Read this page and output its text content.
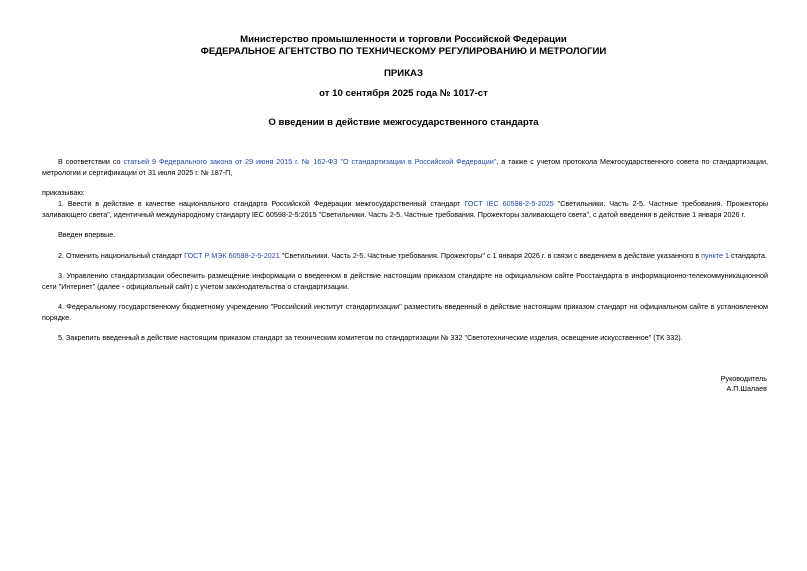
Министерство промышленности и торговли Российской Федерации
ФЕДЕРАЛЬНОЕ АГЕНТСТВО ПО ТЕХНИЧЕСКОМУ РЕГУЛИРОВАНИЮ И МЕТРОЛОГИИ
ПРИКАЗ
от 10 сентября 2025 года № 1017-ст
О введении в действие межгосударственного стандарта
В соответствии со статьей 9 Федерального закона от 29 июня 2015 г. № 162-ФЗ "О стандартизации в Российской Федерации", а также с учетом протокола Межгосударственного совета по стандартизации, метрологии и сертификации от 31 июля 2025 г. № 187-П,
приказываю:
1. Ввести в действие в качестве национального стандарта Российской Федерации межгосударственный стандарт ГОСТ IEC 60598-2-5-2025 "Светильники. Часть 2-5. Частные требования. Прожекторы заливающего света", идентичный международному стандарту IEC 60598-2-5:2015 "Светильники. Часть 2-5. Частные требования. Прожекторы заливающего света", с датой введения в действие 1 января 2026 г.
Введен впервые.
2. Отменить национальный стандарт ГОСТ Р МЭК 60598-2-5-2021 "Светильники. Часть 2-5. Частные требования. Прожекторы" с 1 января 2026 г. в связи с введением в действие указанного в пункте 1 стандарта.
3. Управлению стандартизации обеспечить размещение информации о введенном в действие настоящим приказом стандарте на официальном сайте Росстандарта в информационно-телекоммуникационной сети "Интернет" (далее - официальный сайт) с учетом законодательства о стандартизации.
4. Федеральному государственному бюджетному учреждению "Российский институт стандартизации" разместить введенный в действие настоящим приказом стандарт на официальном сайте в установленном порядке.
5. Закрепить введенный в действие настоящим приказом стандарт за техническим комитетом по стандартизации № 332 "Светотехнические изделия, освещение искусственное" (ТК 332).
Руководитель
А.П.Шалаев
